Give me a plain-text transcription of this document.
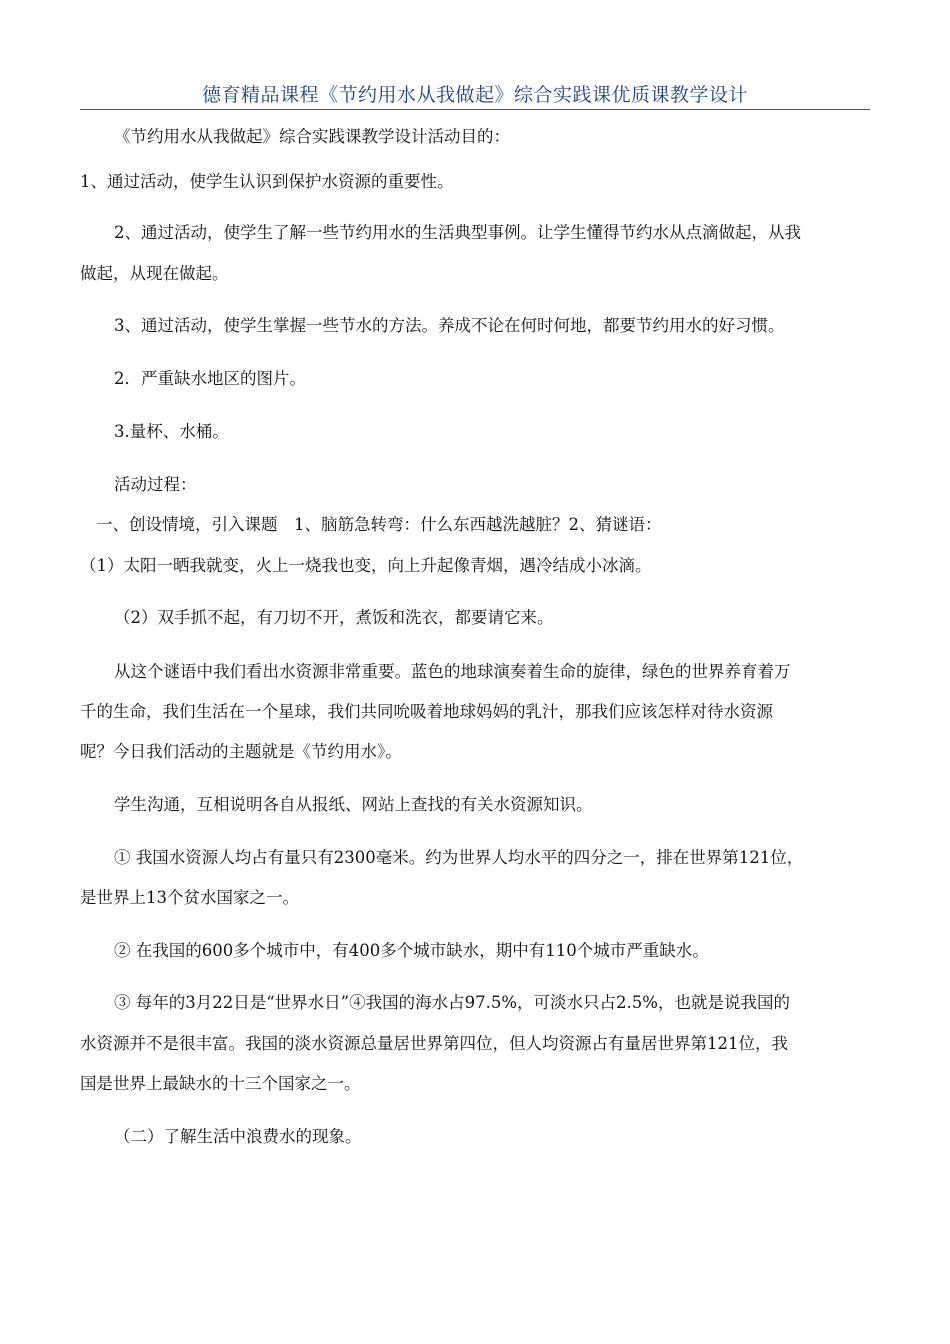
德育精品课程《节约用水从我做起》综合实践课优质课教学设计
《节约用水从我做起》综合实践课教学设计活动目的：
1、通过活动，使学生认识到保护水资源的重要性。
2、通过活动，使学生了解一些节约用水的生活典型事例。让学生懂得节约水从点滴做起，从我
做起，从现在做起。
3、通过活动，使学生掌握一些节水的方法。养成不论在何时何地，都要节约用水的好习惯。
2．严重缺水地区的图片。
3.量杯、水桶。
活动过程：
一、创设情境，引入课题　1、脑筋急转弯：什么东西越洗越脏？2、猜谜语：
（1）太阳一晒我就变，火上一烧我也变，向上升起像青烟，遇冷结成小冰滴。
（2）双手抓不起，有刀切不开，煮饭和洗衣，都要请它来。
从这个谜语中我们看出水资源非常重要。蓝色的地球演奏着生命的旋律，绿色的世界养育着万
千的生命，我们生活在一个星球，我们共同吮吸着地球妈妈的乳汁，那我们应该怎样对待水资源
呢？今日我们活动的主题就是《节约用水》。
学生沟通，互相说明各自从报纸、网站上查找的有关水资源知识。
① 我国水资源人均占有量只有2300毫米。约为世界人均水平的四分之一，排在世界第121位，
是世界上13个贫水国家之一。
② 在我国的600多个城市中，有400多个城市缺水，期中有110个城市严重缺水。
③ 每年的3月22日是“世界水日”④我国的海水占97.5%，可淡水只占2.5%，也就是说我国的
水资源并不是很丰富。我国的淡水资源总量居世界第四位，但人均资源占有量居世界第121位，我
国是世界上最缺水的十三个国家之一。
（二）了解生活中浪费水的现象。
